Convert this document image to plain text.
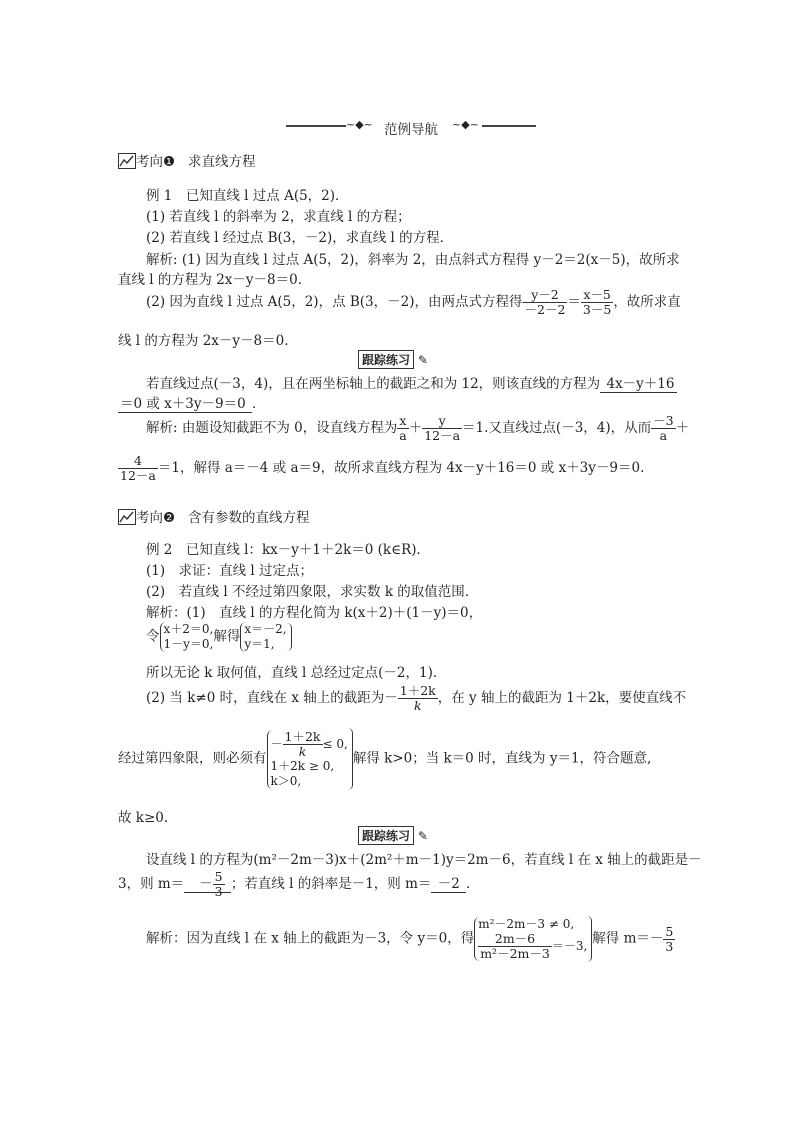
~◆~ 范例导航 ~◆~
考向❶ 求直线方程
例 1　已知直线 l 过点 A(5，2)．
(1) 若直线 l 的斜率为 2，求直线 l 的方程；
(2) 若直线 l 经过点 B(3，－2)，求直线 l 的方程．
解析: (1) 因为直线 l 过点 A(5，2)，斜率为 2，由点斜式方程得 y－2＝2(x－5)，故所求
直线 l 的方程为 2x－y－8＝0.
(2) 因为直线 l 过点 A(5，2)，点 B(3，－2)，由两点式方程得 $\frac{y-2}{-2-2} = \frac{x-5}{3-5}$ ，故所求直
线 l 的方程为 2x－y－8＝0.
跟踪练习 ✎
若直线过点(－3，4)，且在两坐标轴上的截距之和为 12，则该直线的方程为 4x－y＋16
＝0 或 x＋3y－9＝0 ．
解析: 由题设知截距不为 0，设直线方程为 $\frac{x}{a} + \frac{y}{12-a} =1$.又直线过点(－3，4)，从而 $\frac{-3}{a}$ ＋
$\frac{4}{12-a} =1$，解得 a＝－4 或 a＝9，故所求直线方程为 4x－y＋16＝0 或 x＋3y－9＝0.
考向❷ 含有参数的直线方程
例 2　已知直线 l：kx－y＋1＋2k＝0 (k∈R)．
(1)　求证：直线 l 过定点；
(2)　若直线 l 不经过第四象限，求实数 k 的取值范围．
解析：(1)　直线 l 的方程化简为 k(x＋2)＋(1－y)＝0，
令 x＋2＝0,
1－y＝0, 解得 x＝－2,
y＝1,
所以无论 k 取何值，直线 l 总经过定点(－2，1)．
(2) 当 k≠0 时，直线在 x 轴上的截距为－ $\frac{1+2k}{k}$ ，在 y 轴上的截距为 1＋2k，要使直线不
经过第四象限，则必须有
－ $\frac{1+2k}{k} \le 0$,
1＋2k ≥ 0,
k＞0,
解得 k>0；当 k＝0 时，直线为 y＝1，符合题意,
故 k≥0.
跟踪练习 ✎
设直线 l 的方程为(m²－2m－3)x＋(2m²＋m－1)y＝2m－6，若直线 l 在 x 轴上的截距是－
3，则 $m= - \frac{5}{3}$ ；若直线 l 的斜率是－1，则 m＝ －2 ．
解析：因为直线 l 在 x 轴上的截距为－3，令 y＝0，得
m²－2m－3 ≠ 0,
$\frac{2m-6}{\text{m²－2m－3}} =-3$, 解得 $m=- \frac{5}{3}$
